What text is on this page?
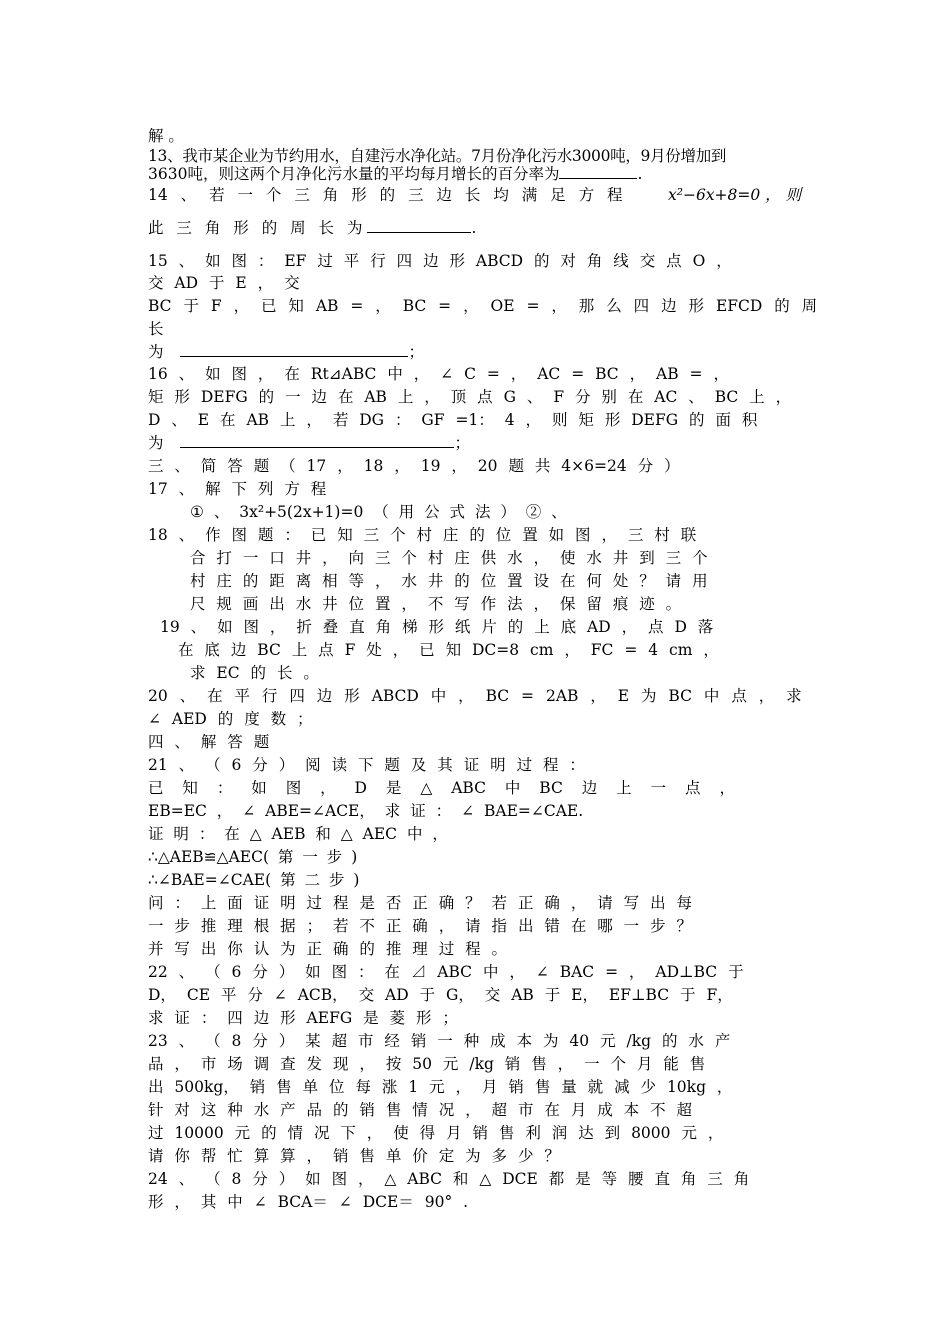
解 。
13、我市某企业为节约用水，自建污水净化站。7月份净化污水3000吨，9月份增加到
3630吨，则这两个月净化污水量的平均每月增长的百分率为	.
14 、 若 一 个 三 角 形 的 三 边 长 均 满 足 方 程	x²−6x+8=0 ， 则
此 三 角 形 的 周 长 为	.
15 、 如 图 ： EF 过 平 行 四 边 形 ABCD 的 对 角 线 交 点 O ，
交 AD 于 E ， 交
BC 于 F ， 已 知 AB = ， BC = ， OE = ， 那 么 四 边 形 EFCD 的 周
长
为	；
16 、 如 图 ， 在 Rt⊿ABC 中 ， ∠ C = ， AC = BC ， AB = ，
矩 形 DEFG 的 一 边 在 AB 上 ， 顶 点 G 、 F 分 别 在 AC 、 BC 上 ，
D 、 E 在 AB 上 ， 若 DG ： GF =1： 4 ， 则 矩 形 DEFG 的 面 积
为	；
三 、 简 答 题 （ 17 ， 18 ， 19 ， 20 题 共 4×6=24 分 ）
17 、 解 下 列 方 程
① 、 3x²+5(2x+1)=0 （ 用 公 式 法 ） ② 、
18 、 作 图 题 ： 已 知 三 个 村 庄 的 位 置 如 图 ， 三 村 联
合 打 一 口 井 ， 向 三 个 村 庄 供 水 ， 使 水 井 到 三 个
村 庄 的 距 离 相 等 ， 水 井 的 位 置 设 在 何 处 ？ 请 用
尺 规 画 出 水 井 位 置 ， 不 写 作 法 ， 保 留 痕 迹 。
19 、 如 图 ， 折 叠 直 角 梯 形 纸 片 的 上 底 AD ， 点 D 落
在 底 边 BC 上 点 F 处 ， 已 知 DC=8 cm ， FC = 4 cm ，
求 EC 的 长 。
20 、 在 平 行 四 边 形 ABCD 中 ， BC = 2AB ， E 为 BC 中 点 ， 求
∠ AED 的 度 数 ；
四 、 解 答 题
21 、 （ 6 分 ） 阅 读 下 题 及 其 证 明 过 程 ：
已 知 ： 如 图 ， D 是 △ ABC 中 BC 边 上 一 点 ，
EB=EC ， ∠ ABE=∠ACE， 求 证 ： ∠ BAE=∠CAE.
证 明 ： 在 △ AEB 和 △ AEC 中 ，
∴△AEB≌△AEC( 第 一 步 )
∴∠BAE=∠CAE( 第 二 步 )
问 ： 上 面 证 明 过 程 是 否 正 确 ？ 若 正 确 ， 请 写 出 每
一 步 推 理 根 据 ； 若 不 正 确 ， 请 指 出 错 在 哪 一 步 ？
并 写 出 你 认 为 正 确 的 推 理 过 程 。
22 、 （ 6 分 ） 如 图 ： 在 ⊿ ABC 中 ， ∠ BAC = ， AD⊥BC 于
D， CE 平 分 ∠ ACB， 交 AD 于 G， 交 AB 于 E， EF⊥BC 于 F，
求 证 ： 四 边 形 AEFG 是 菱 形 ；
23 、 （ 8 分 ） 某 超 市 经 销 一 种 成 本 为 40 元 /kg 的 水 产
品 ， 市 场 调 查 发 现 ， 按 50 元 /kg 销 售 ， 一 个 月 能 售
出 500kg， 销 售 单 位 每 涨 1 元 ， 月 销 售 量 就 减 少 10kg ，
针 对 这 种 水 产 品 的 销 售 情 况 ， 超 市 在 月 成 本 不 超
过 10000 元 的 情 况 下 ， 使 得 月 销 售 利 润 达 到 8000 元 ，
请 你 帮 忙 算 算 ， 销 售 单 价 定 为 多 少 ？
24 、 （ 8 分 ） 如 图 ， △ ABC 和 △ DCE 都 是 等 腰 直 角 三 角
形 ， 其 中 ∠ BCA＝ ∠ DCE＝ 90° .
